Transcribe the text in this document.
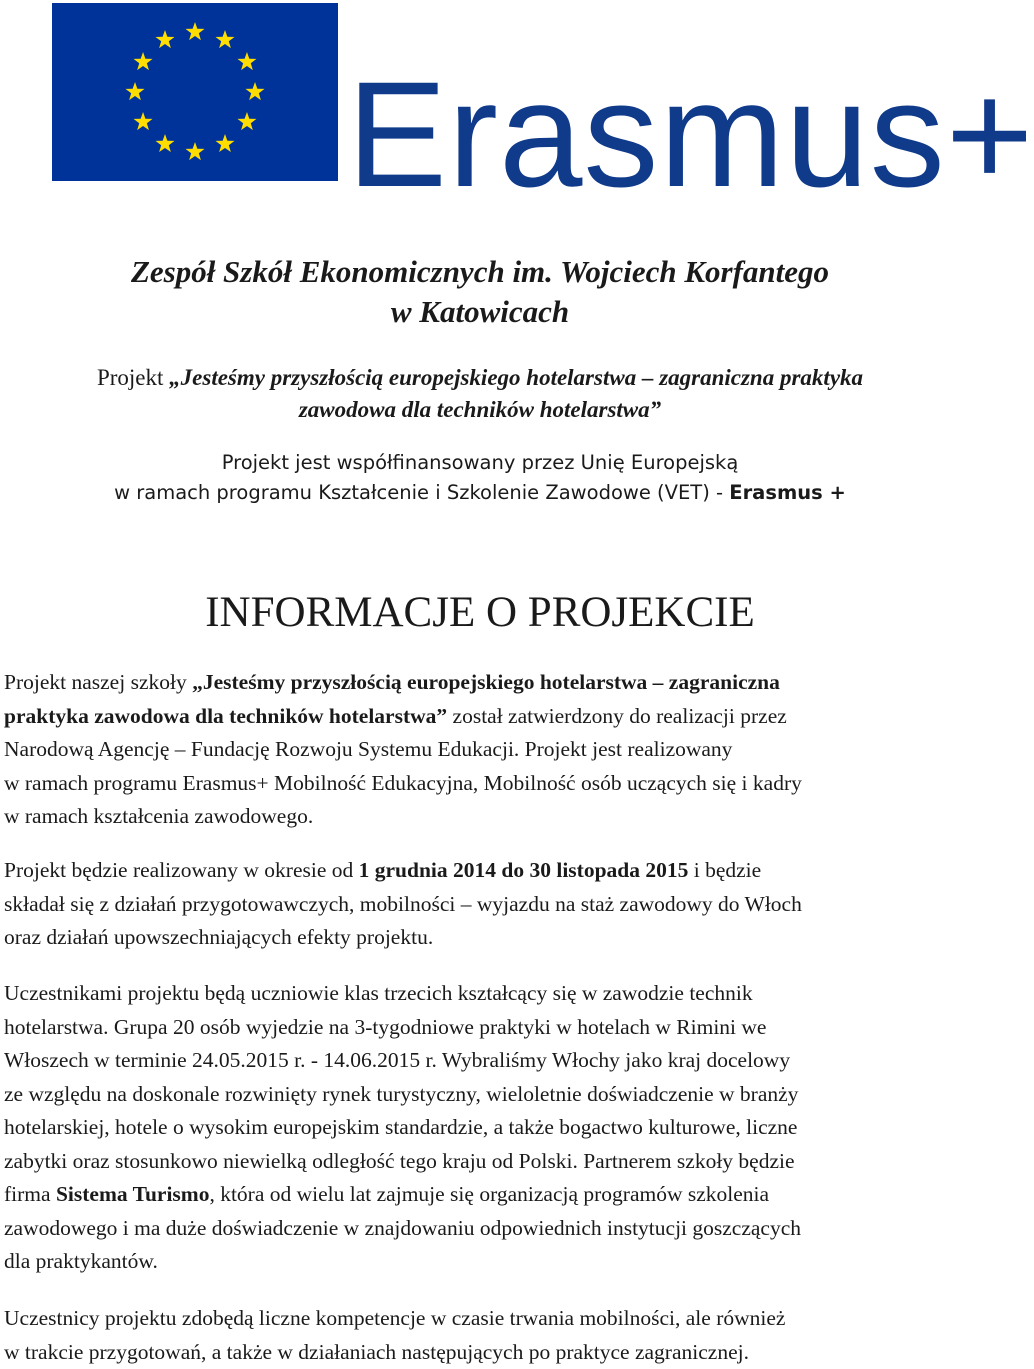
Erasmus+
Zespół Szkół Ekonomicznych im. Wojciech Korfantego
w Katowicach
Projekt „Jesteśmy przyszłością europejskiego hotelarstwa – zagraniczna praktyka
zawodowa dla techników hotelarstwa”
Projekt jest współfinansowany przez Unię Europejską
w ramach programu Kształcenie i Szkolenie Zawodowe (VET) - Erasmus +
INFORMACJE O PROJEKCIE
Projekt naszej szkoły „Jesteśmy przyszłością europejskiego hotelarstwa – zagraniczna
praktyka zawodowa dla techników hotelarstwa” został zatwierdzony do realizacji przez
Narodową Agencję – Fundację Rozwoju Systemu Edukacji. Projekt jest realizowany
w ramach programu Erasmus+ Mobilność Edukacyjna, Mobilność osób uczących się i kadry
w ramach kształcenia zawodowego.
Projekt będzie realizowany w okresie od 1 grudnia 2014 do 30 listopada 2015 i będzie
składał się z działań przygotowawczych, mobilności – wyjazdu na staż zawodowy do Włoch
oraz działań upowszechniających efekty projektu.
Uczestnikami projektu będą uczniowie klas trzecich kształcący się w zawodzie technik
hotelarstwa. Grupa 20 osób wyjedzie na 3-tygodniowe praktyki w hotelach w Rimini we
Włoszech w terminie 24.05.2015 r. - 14.06.2015 r. Wybraliśmy Włochy jako kraj docelowy
ze względu na doskonale rozwinięty rynek turystyczny, wieloletnie doświadczenie w branży
hotelarskiej, hotele o wysokim europejskim standardzie, a także bogactwo kulturowe, liczne
zabytki oraz stosunkowo niewielką odległość tego kraju od Polski. Partnerem szkoły będzie
firma Sistema Turismo, która od wielu lat zajmuje się organizacją programów szkolenia
zawodowego i ma duże doświadczenie w znajdowaniu odpowiednich instytucji goszczących
dla praktykantów.
Uczestnicy projektu zdobędą liczne kompetencje w czasie trwania mobilności, ale również
w trakcie przygotowań, a także w działaniach następujących po praktyce zagranicznej.
